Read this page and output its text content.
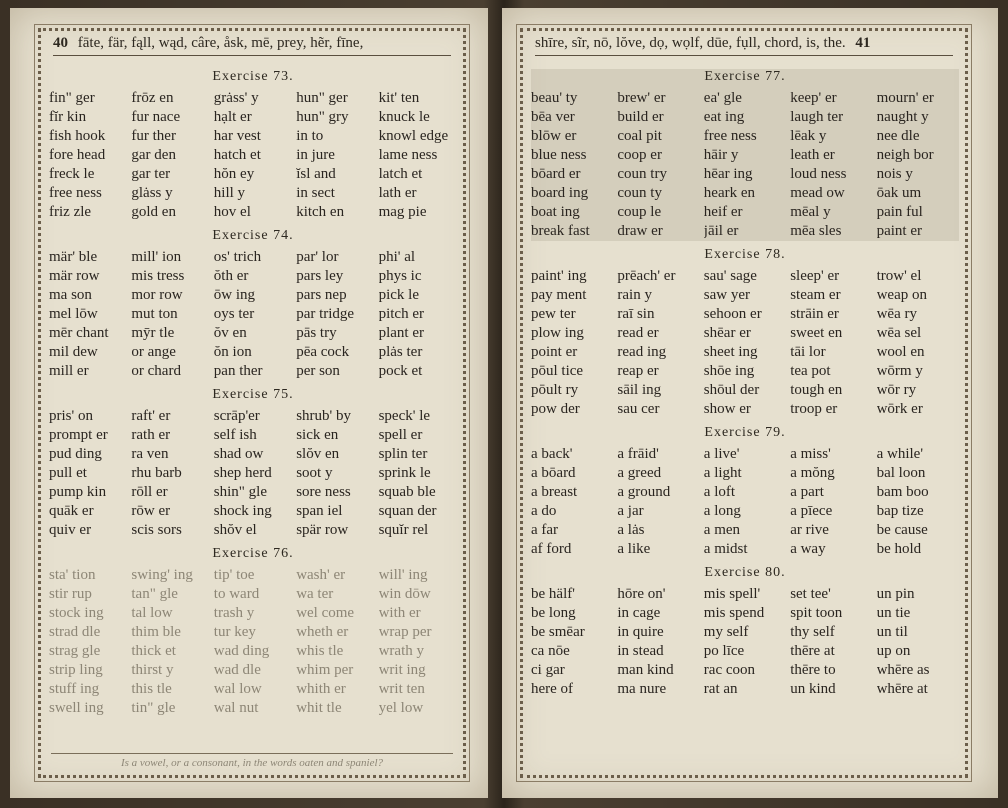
40 fāte, fär, fąll, wąd, câre, åsk, mē, prey, hẽr, fīne,
Exercise 73.
fin" ger	frōz en	grȧss' y	hun" ger	kit' ten
fĭr kin	fur nace	hạlt er	hun" gry	knuck le
fish hook	fur ther	har vest	in to	knowl edge
fore head	gar den	hatch et	in jure	lame ness
freck le	gar ter	hŏn ey	ĭsl and	latch et
free ness	glȧss y	hill y	in sect	lath er
friz zle	gold en	hov el	kitch en	mag pie
Exercise 74.
mär' ble	mill' ion	os' trich	par' lor	phi' al
mär row	mis tress	ŏth er	pars ley	phys ic
ma son	mor row	ōw ing	pars nep	pick le
mel lōw	mut ton	oys ter	par tridge	pitch er
mēr chant	mȳr tle	ŏv en	pās try	plant er
mil dew	or ange	ŏn ion	pēa cock	plȧs ter
mill er	or chard	pan ther	per son	pock et
Exercise 75.
pris' on	raft' er	scrāp'er	shrub' by	speck' le
prompt er	rath er	self ish	sick en	spell er
pud ding	ra ven	shad ow	slŏv en	splin ter
pull et	rhu barb	shep herd	soot y	sprink le
pump kin	rōll er	shin" gle	sore ness	squab ble
quāk er	rōw er	shock ing	span iel	squan der
quiv er	scis sors	shŏv el	spär row	squĭr rel
Exercise 76.
sta' tion	swing' ing	tip' toe	wash' er	will' ing
stir rup	tan" gle	to ward	wa ter	win dōw
stock ing	tal low	trash y	wel come	with er
strad dle	thim ble	tur key	wheth er	wrap per
strag gle	thick et	wad ding	whis tle	wrath y
strip ling	thirst y	wad dle	whim per	writ ing
stuff ing	this tle	wal low	whith er	writ ten
swell ing	tin" gle	wal nut	whit tle	yel low
Is a vowel, or a consonant, in the words oaten and spaniel?
shīre, sĩr, nō, lŏve, dọ, wọlf, dūe, fụll, chord, is, the. 41
Exercise 77.
beau' ty	brew' er	ea' gle	keep' er	mourn' er
bēa ver	build er	eat ing	laugh ter	naught y
blōw er	coal pit	free ness	lēak y	nee dle
blue ness	coop er	hāir y	leath er	neigh bor
bōard er	coun try	hēar ing	loud ness	nois y
board ing	coun ty	heark en	mead ow	ōak um
boat ing	coup le	heif er	mēal y	pain ful
break fast	draw er	jāil er	mēa sles	paint er
Exercise 78.
paint' ing	prēach' er	sau' sage	sleep' er	trow' el
pay ment	rain y	saw yer	steam er	weap on
pew ter	raī sin	sehoon er	strāin er	wēa ry
plow ing	read er	shēar er	sweet en	wēa sel
point er	read ing	sheet ing	tāi lor	wool en
pōul tice	reap er	shōe ing	tea pot	wōrm y
pōult ry	sāil ing	shōul der	tough en	wōr ry
pow der	sau cer	show er	troop er	wōrk er
Exercise 79.
a back'	a frāid'	a live'	a miss'	a while'
a bōard	a greed	a light	a mŏng	bal loon
a breast	a ground	a loft	a part	bam boo
a do	a jar	a long	a pīece	bap tize
a far	a lȧs	a men	ar rive	be cause
af ford	a like	a midst	a way	be hold
Exercise 80.
be hälf'	hōre on'	mis spell'	set tee'	un pin
be long	in cage	mis spend	spit toon	un tie
be smēar	in quire	my self	thy self	un til
ca nōe	in stead	po līce	thēre at	up on
ci gar	man kind	rac coon	thēre to	whēre as
here of	ma nure	rat an	un kind	whēre at
